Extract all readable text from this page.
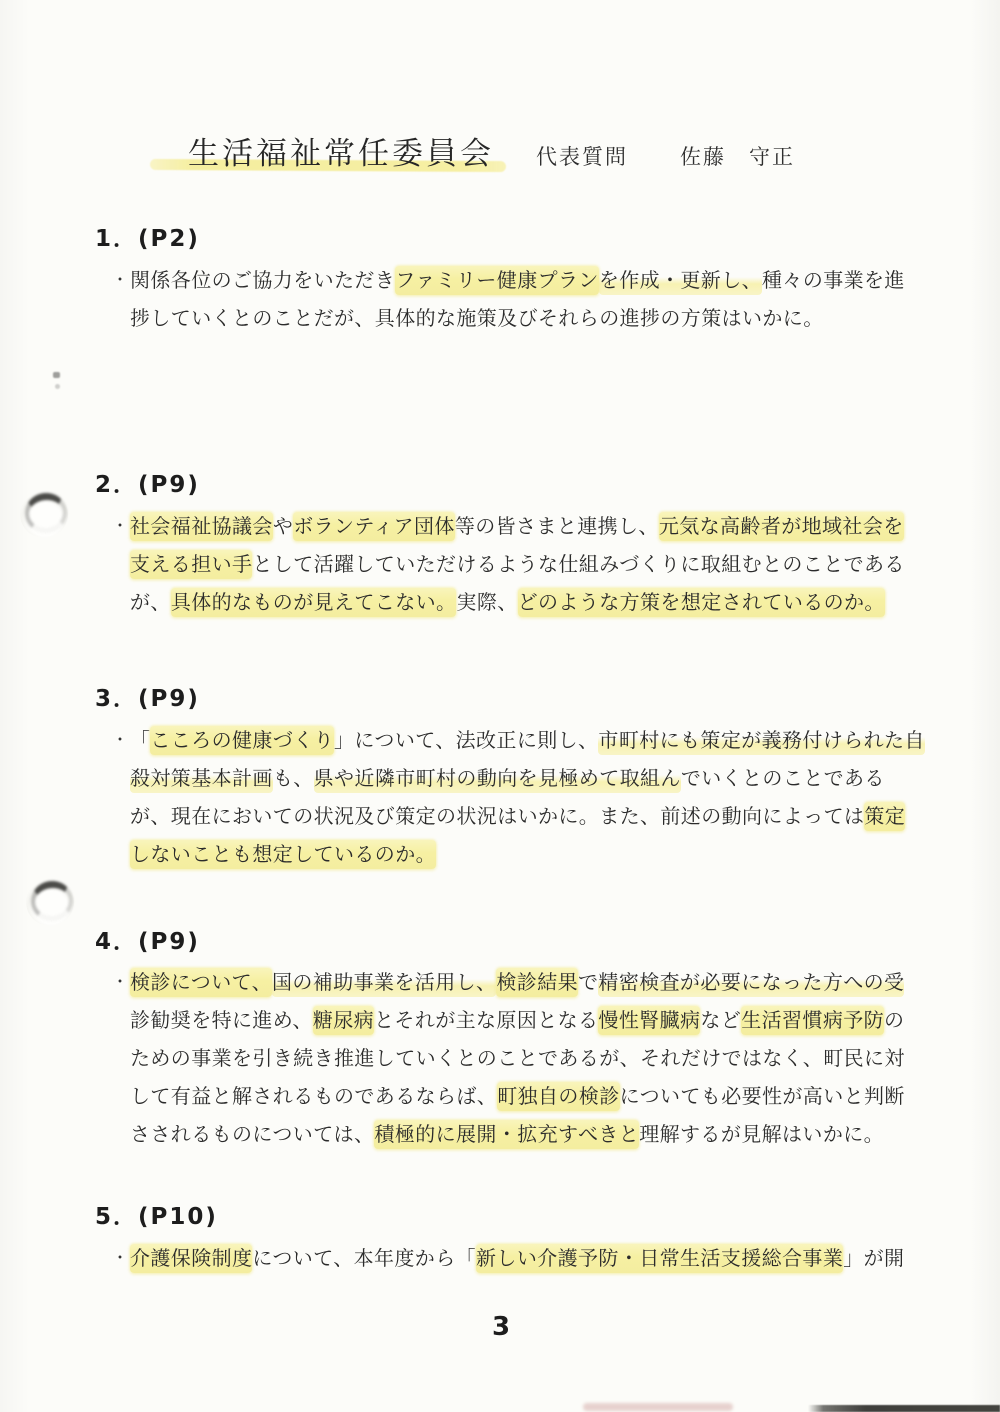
生活福祉常任委員会 代表質問 佐藤　守正
1．(P2)
・ 関係各位のご協力をいただきファミリー健康プランを作成・更新し、種々の事業を進
捗していくとのことだが、具体的な施策及びそれらの進捗の方策はいかに。
2．(P9)
・ 社会福祉協議会やボランティア団体等の皆さまと連携し、元気な高齢者が地域社会を
支える担い手として活躍していただけるような仕組みづくりに取組むとのことである
が、具体的なものが見えてこない。実際、どのような方策を想定されているのか。
3．(P9)
・ 「こころの健康づくり」について、法改正に則し、市町村にも策定が義務付けられた自
殺対策基本計画も、県や近隣市町村の動向を見極めて取組んでいくとのことである
が、現在においての状況及び策定の状況はいかに。また、前述の動向によっては策定
しないことも想定しているのか。
4．(P9)
・ 検診について、国の補助事業を活用し、検診結果で精密検査が必要になった方への受
診勧奨を特に進め、糖尿病とそれが主な原因となる慢性腎臓病など生活習慣病予防の
ための事業を引き続き推進していくとのことであるが、それだけではなく、町民に対
して有益と解されるものであるならば、町独自の検診についても必要性が高いと判断
さされるものについては、積極的に展開・拡充すべきと理解するが見解はいかに。
5．(P10)
・ 介護保険制度について、本年度から「新しい介護予防・日常生活支援総合事業」が開
3
